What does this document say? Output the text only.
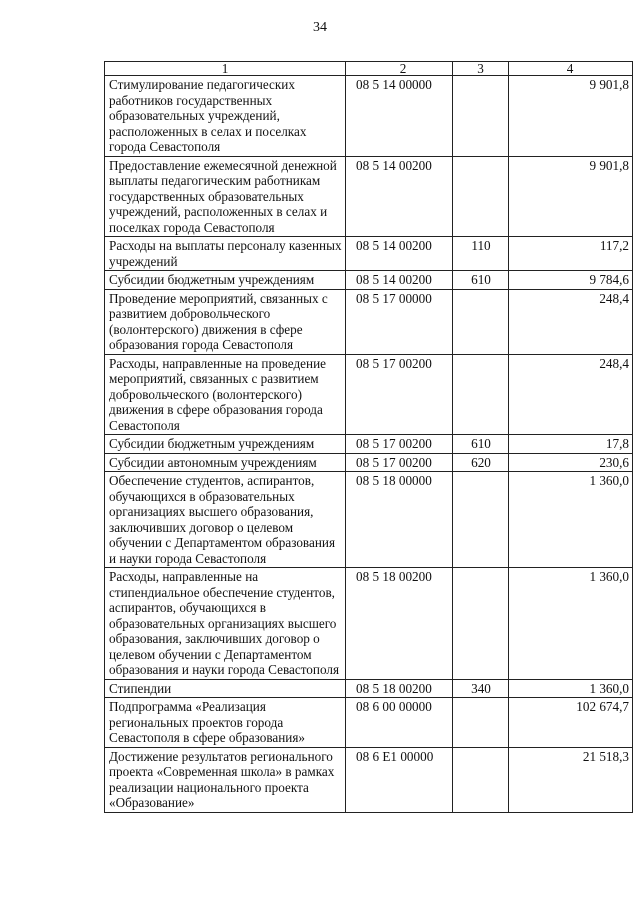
34
1	2	3	4
Стимулирование педагогических работников государственных образовательных учреждений, расположенных в селах и поселках города Севастополя	08 5 14 00000		9 901,8
Предоставление ежемесячной денежной выплаты педагогическим работникам государственных образовательных учреждений, расположенных в селах и поселках города Севастополя	08 5 14 00200		9 901,8
Расходы на выплаты персоналу казенных учреждений	08 5 14 00200	110	117,2
Субсидии бюджетным учреждениям	08 5 14 00200	610	9 784,6
Проведение мероприятий, связанных с развитием добровольческого (волонтерского) движения в сфере образования города Севастополя	08 5 17 00000		248,4
Расходы, направленные на проведение мероприятий, связанных с развитием добровольческого (волонтерского) движения в сфере образования города Севастополя	08 5 17 00200		248,4
Субсидии бюджетным учреждениям	08 5 17 00200	610	17,8
Субсидии автономным учреждениям	08 5 17 00200	620	230,6
Обеспечение студентов, аспирантов, обучающихся в образовательных организациях высшего образования, заключивших договор о целевом обучении с Департаментом образования и науки города Севастополя	08 5 18 00000		1 360,0
Расходы, направленные на стипендиальное обеспечение студентов, аспирантов, обучающихся в образовательных организациях высшего образования, заключивших договор о целевом обучении с Департаментом образования и науки города Севастополя	08 5 18 00200		1 360,0
Стипендии	08 5 18 00200	340	1 360,0
Подпрограмма «Реализация региональных проектов города Севастополя в сфере образования»	08 6 00 00000		102 674,7
Достижение результатов регионального проекта «Современная школа» в рамках реализации национального проекта «Образование»	08 6 E1 00000		21 518,3
